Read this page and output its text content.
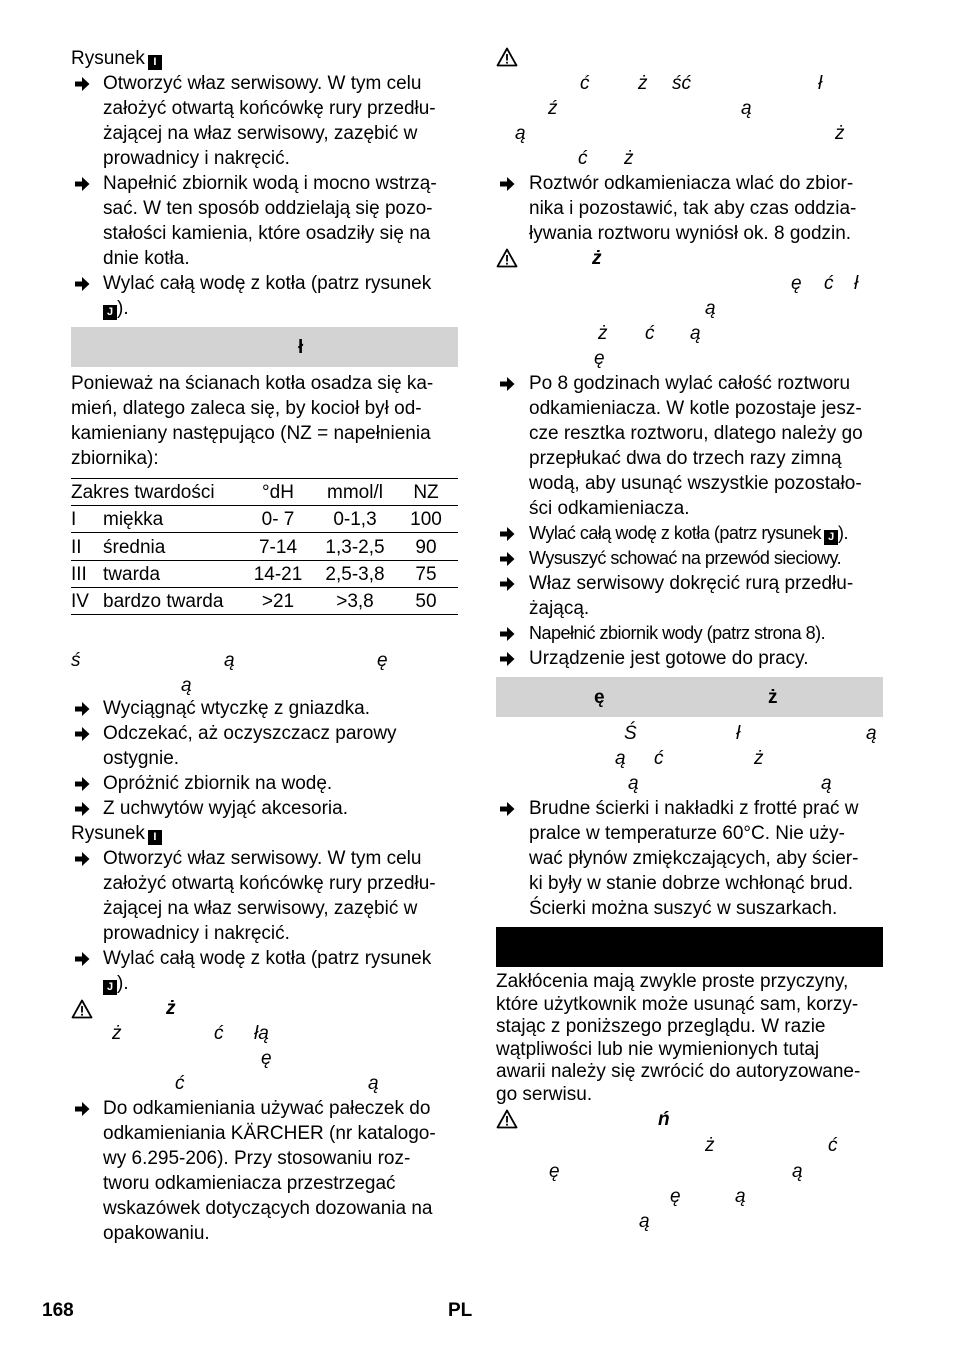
Rysunek I
Otworzyć właz serwisowy. W tym celu
założyć otwartą końcówkę rury przedłu-
żającej na właz serwisowy, zazębić w
prowadnicy i nakręcić.
Napełnić zbiornik wodą i mocno wstrzą-
sać. W ten sposób oddzielają się pozo-
stałości kamienia, które osadziły się na
dnie kotła.
Wylać całą wodę z kotła (patrz rysunek
J ).
ł
Ponieważ na ścianach kotła osadza się ka-
mień, dlatego zaleca się, by kocioł był od-
kamieniany następująco (NZ = napełnienia
zbiornika):
Zakres twardości	°dH	mmol/l	NZ
I miękka	0- 7	0-1,3	100
II średnia	7-14	1,3-2,5	90
III twarda	14-21	2,5-3,8	75
IV bardzo twarda	>21	>3,8	50
ś	ą	ę
ą
Wyciągnąć wtyczkę z gniazdka.
Odczekać, aż oczyszczacz parowy
ostygnie.
Opróżnić zbiornik na wodę.
Z uchwytów wyjąć akcesoria.
Rysunek I
Otworzyć właz serwisowy. W tym celu
założyć otwartą końcówkę rury przedłu-
żającej na właz serwisowy, zazębić w
prowadnicy i nakręcić.
Wylać całą wodę z kotła (patrz rysunek
J ).
ż
ż	ć łą
ę
ć	ą
Do odkamieniania używać pałeczek do
odkamieniania KÄRCHER (nr katalogo-
wy 6.295-206). Przy stosowaniu roz-
tworu odkamieniacza przestrzegać
wskazówek dotyczących dozowania na
opakowaniu.
ć	ż ść	ł
ź	ą
ą	ż
ć ż
Roztwór odkamieniacza wlać do zbior-
nika i pozostawić, tak aby czas oddzia-
ływania roztworu wyniósł ok. 8 godzin.
ż
ę ć ł
ą
ż ć ą
ę
Po 8 godzinach wylać całość roztworu
odkamieniacza. W kotle pozostaje jesz-
cze resztka roztworu, dlatego należy go
przepłukać dwa do trzech razy zimną
wodą, aby usunąć wszystkie pozostało-
ści odkamieniacza.
Wylać całą wodę z kotła (patrz rysunek J ).
Wysuszyć schować na przewód sieciowy.
Właz serwisowy dokręcić rurą przedłu-
żającą.
Napełnić zbiornik wody (patrz strona 8).
Urządzenie jest gotowe do pracy.
ę	ż
Ś	ł	ą
ą ć	ż
ą	ą
Brudne ścierki i nakładki z frotté prać w
pralce w temperaturze 60°C. Nie uży-
wać płynów zmiękczających, aby ścier-
ki były w stanie dobrze wchłonąć brud.
Ścierki można suszyć w suszarkach.
Zakłócenia mają zwykle proste przyczyny,
które użytkownik może usunąć sam, korzy-
stając z poniższego przeglądu. W razie
wątpliwości lub nie wymienionych tutaj
awarii należy się zwrócić do autoryzowane-
go serwisu.
ń
ż	ć
ę	ą
ę	ą
ą
168	PL
